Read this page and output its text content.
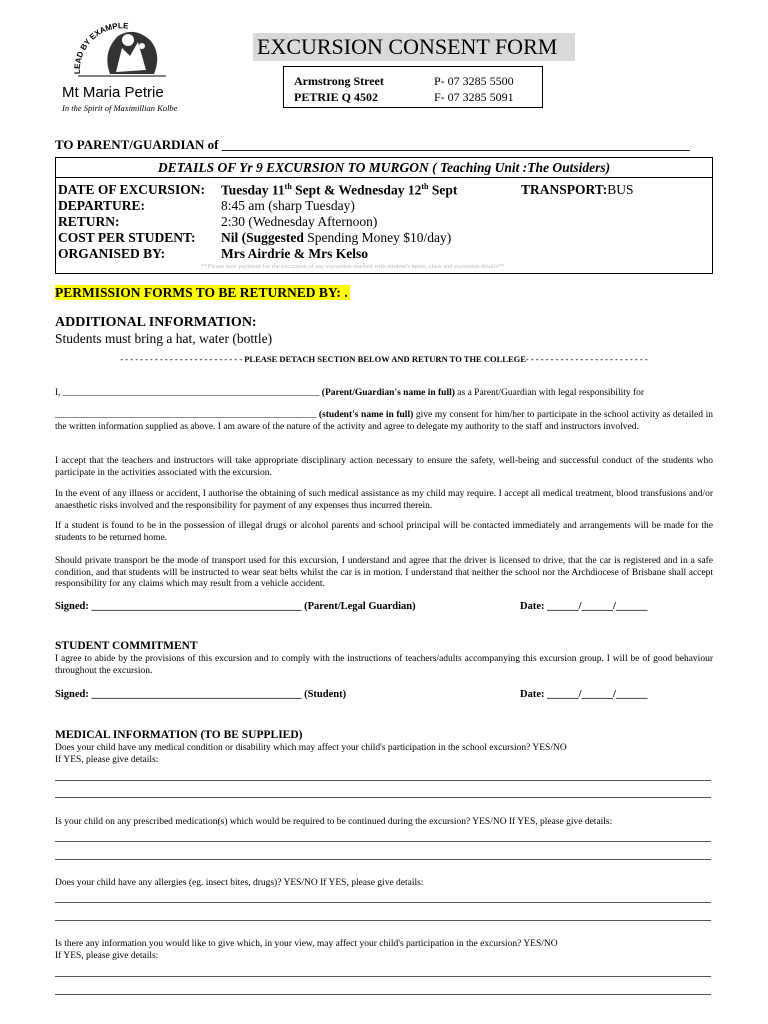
LEAD BY EXAMPLE
Mt Maria Petrie
In the Spirit of Maximillian Kolbe
EXCURSION CONSENT FORM
Armstrong Street
PETRIE Q 4502
P- 07 3285 5500
F- 07 3285 5091
TO PARENT/GUARDIAN of ________________________________________________________________________
DETAILS OF Yr 9 EXCURSION TO MURGON ( Teaching Unit :The Outsiders)
DATE OF EXCURSION: Tuesday 11th Sept & Wednesday 12th Sept	TRANSPORT:BUS
DEPARTURE:	8:45 am (sharp Tuesday)
RETURN:	2:30 (Wednesday Afternoon)
COST PER STUDENT: Nil (Suggested Spending Money $10/day)
ORGANISED BY:	Mrs Airdrie & Mrs Kelso
**Please note payment for the excursion of any excursion marked with student's name, class and excursion details**
PERMISSION FORMS TO BE RETURNED BY: .
ADDITIONAL INFORMATION:
Students must bring a hat, water (bottle)
- - - - - - - - - - - - - - - - - - - - - - - - - PLEASE DETACH SECTION BELOW AND RETURN TO THE COLLEGE- - - - - - - - - - - - - - - - - - - - - - - - -
I, ______________________________________________________ (Parent/Guardian's name in full) as a Parent/Guardian with legal responsibility for
_______________________________________________________ (student's name in full) give my consent for him/her to participate in the school activity as detailed in the written information supplied as above. I am aware of the nature of the activity and agree to delegate my authority to the staff and instructors involved.
I accept that the teachers and instructors will take appropriate disciplinary action necessary to ensure the safety, well-being and successful conduct of the students who participate in the activities associated with the excursion.
In the event of any illness or accident, I authorise the obtaining of such medical assistance as my child may require. I accept all medical treatment, blood transfusions and/or anaesthetic risks involved and the responsibility for payment of any expenses thus incurred therein.
If a student is found to be in the possession of illegal drugs or alcohol parents and school principal will be contacted immediately and arrangements will be made for the students to be returned home.
Should private transport be the mode of transport used for this excursion, I understand and agree that the driver is licensed to drive, that the car is registered and in a safe condition, and that students will be instructed to wear seat belts whilst the car is in motion. I understand that neither the school nor the Archdiocese of Brisbane shall accept responsibility for any claims which may result from a vehicle accident.
Signed: ________________________________________ (Parent/Legal Guardian)	Date: ______/______/______
STUDENT COMMITMENT
I agree to abide by the provisions of this excursion and to comply with the instructions of teachers/adults accompanying this excursion group. I will be of good behaviour throughout the excursion.
Signed: ________________________________________ (Student)	Date: ______/______/______
MEDICAL INFORMATION (TO BE SUPPLIED)
Does your child have any medical condition or disability which may affect your child's participation in the school excursion? YES/NO
If YES, please give details:
Is your child on any prescribed medication(s) which would be required to be continued during the excursion? YES/NO If YES, please give details:
Does your child have any allergies (eg. insect bites, drugs)? YES/NO If YES, please give details:
Is there any information you would like to give which, in your view, may affect your child's participation in the excursion? YES/NO
If YES, please give details:
